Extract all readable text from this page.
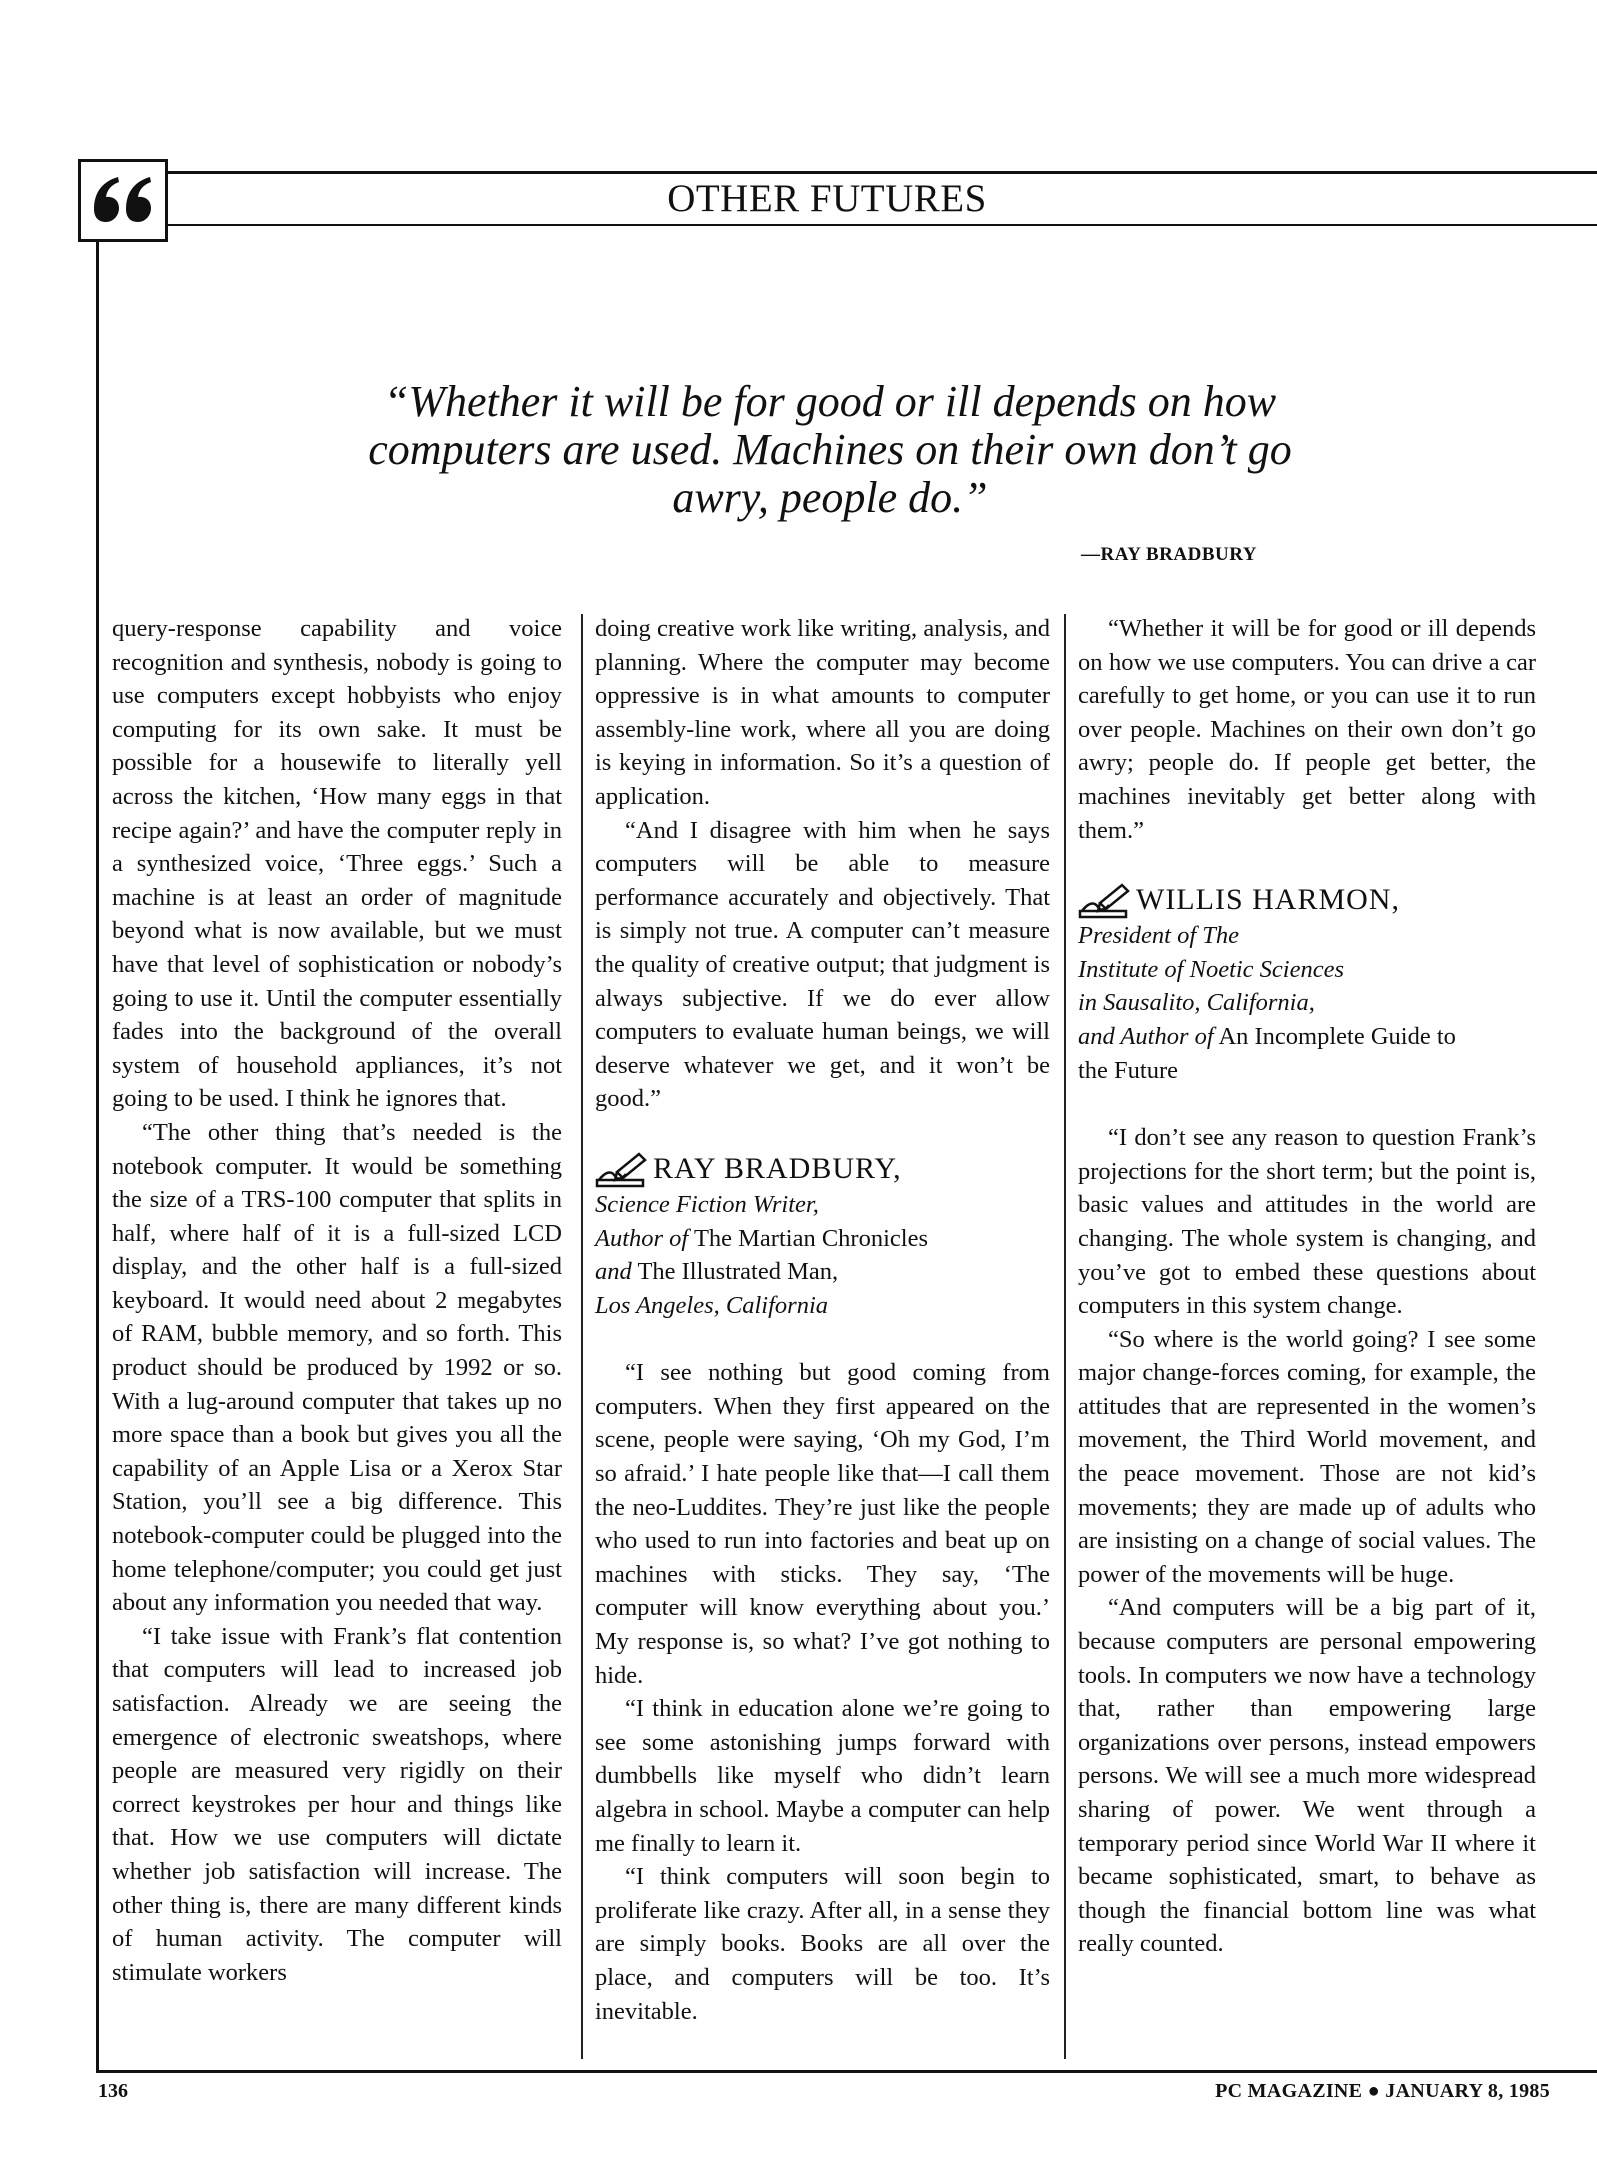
OTHER FUTURES
“Whether it will be for good or ill depends on how computers are used. Machines on their own don’t go awry, people do.”
—RAY BRADBURY

query-response capability and voice recognition and synthesis, nobody is going to use computers except hobbyists who enjoy computing for its own sake. It must be possible for a housewife to literally yell across the kitchen, ‘How many eggs in that recipe again?’ and have the computer reply in a synthesized voice, ‘Three eggs.’ Such a machine is at least an order of magnitude beyond what is now available, but we must have that level of sophistication or nobody’s going to use it. Until the computer essentially fades into the background of the overall system of household appliances, it’s not going to be used. I think he ignores that.

“The other thing that’s needed is the notebook computer. It would be something the size of a TRS-100 computer that splits in half, where half of it is a full-sized LCD display, and the other half is a full-sized keyboard. It would need about 2 megabytes of RAM, bubble memory, and so forth. This product should be produced by 1992 or so. With a lug-around computer that takes up no more space than a book but gives you all the capability of an Apple Lisa or a Xerox Star Station, you’ll see a big difference. This notebook-computer could be plugged into the home telephone/computer; you could get just about any information you needed that way.

“I take issue with Frank’s flat contention that computers will lead to increased job satisfaction. Already we are seeing the emergence of electronic sweatshops, where people are measured very rigidly on their correct keystrokes per hour and things like that. How we use computers will dictate whether job satisfaction will increase. The other thing is, there are many different kinds of human activity. The computer will stimulate workers

doing creative work like writing, analysis, and planning. Where the computer may become oppressive is in what amounts to computer assembly-line work, where all you are doing is keying in information. So it’s a question of application.

“And I disagree with him when he says computers will be able to measure performance accurately and objectively. That is simply not true. A computer can’t measure the quality of creative output; that judgment is always subjective. If we do ever allow computers to evaluate human beings, we will deserve whatever we get, and it won’t be good.”

RAY BRADBURY,
Science Fiction Writer,
Author of The Martian Chronicles
and The Illustrated Man,
Los Angeles, California

“I see nothing but good coming from computers. When they first appeared on the scene, people were saying, ‘Oh my God, I’m so afraid.’ I hate people like that—I call them the neo-Luddites. They’re just like the people who used to run into factories and beat up on machines with sticks. They say, ‘The computer will know everything about you.’ My response is, so what? I’ve got nothing to hide.

“I think in education alone we’re going to see some astonishing jumps forward with dumbbells like myself who didn’t learn algebra in school. Maybe a computer can help me finally to learn it.

“I think computers will soon begin to proliferate like crazy. After all, in a sense they are simply books. Books are all over the place, and computers will be too. It’s inevitable.

“Whether it will be for good or ill depends on how we use computers. You can drive a car carefully to get home, or you can use it to run over people. Machines on their own don’t go awry; people do. If people get better, the machines inevitably get better along with them.”

WILLIS HARMON,
President of The
Institute of Noetic Sciences
in Sausalito, California,
and Author of An Incomplete Guide to
the Future

“I don’t see any reason to question Frank’s projections for the short term; but the point is, basic values and attitudes in the world are changing. The whole system is changing, and you’ve got to embed these questions about computers in this system change.

“So where is the world going? I see some major change-forces coming, for example, the attitudes that are represented in the women’s movement, the Third World movement, and the peace movement. Those are not kid’s movements; they are made up of adults who are insisting on a change of social values. The power of the movements will be huge.

“And computers will be a big part of it, because computers are personal empowering tools. In computers we now have a technology that, rather than empowering large organizations over persons, instead empowers persons. We will see a much more widespread sharing of power. We went through a temporary period since World War II where it became sophisticated, smart, to behave as though the financial bottom line was what really counted.

136	PC MAGAZINE ● JANUARY 8, 1985
